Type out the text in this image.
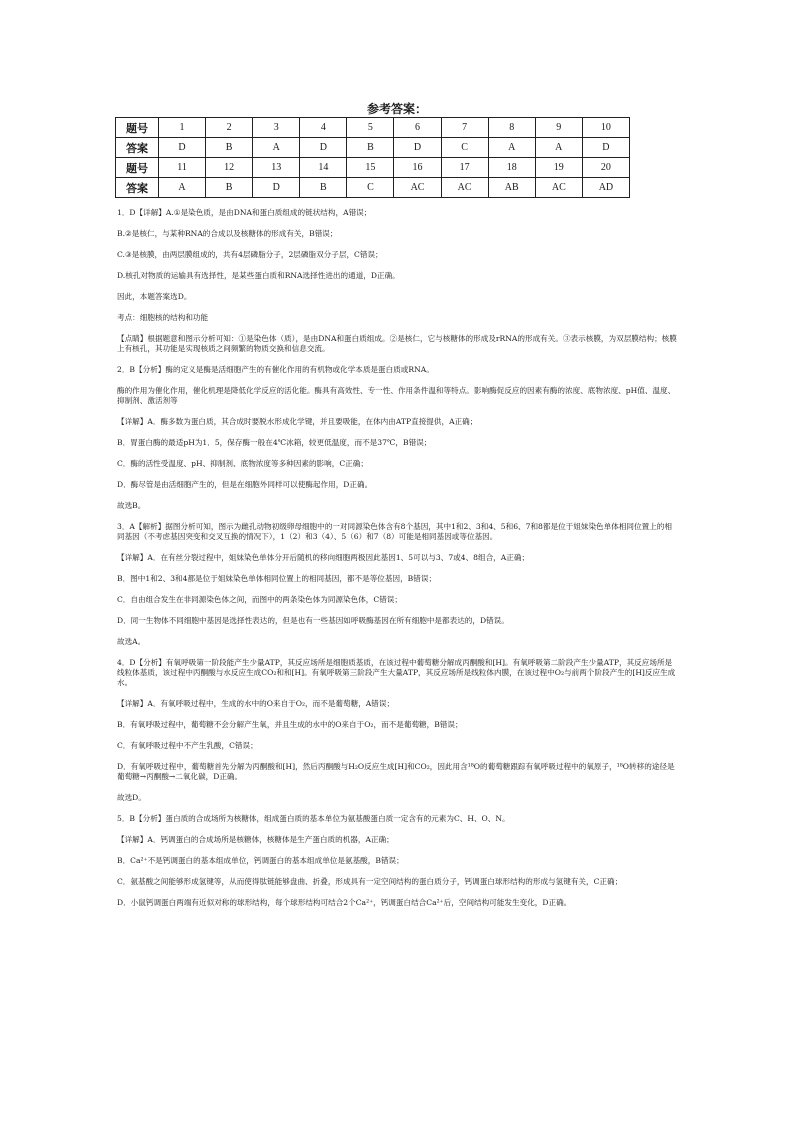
参考答案：
题号	1	2	3	4	5	6	7	8	9	10
答案	D	B	A	D	B	D	C	A	A	D
题号	11	12	13	14	15	16	17	18	19	20
答案	A	B	D	B	C	AC	AC	AB	AC	AD

1．D【详解】A.①是染色质，是由DNA和蛋白质组成的链状结构，A错误；

B.②是核仁，与某种RNA的合成以及核糖体的形成有关，B错误；

C.③是核膜，由两层膜组成的，共有4层磷脂分子，2层磷脂双分子层，C错误；

D.核孔对物质的运输具有选择性，是某些蛋白质和RNA选择性进出的通道，D正确。

因此，本题答案选D。

考点：细胞核的结构和功能

【点睛】根据题意和图示分析可知：①是染色体（质），是由DNA和蛋白质组成。②是核仁，它与核糖体的形成及rRNA的形成有关。③表示核膜，为双层膜结构；核膜上有核孔，其功能是实现核质之间频繁的物质交换和信息交流。

2．B【分析】酶的定义是酶是活细胞产生的有催化作用的有机物或化学本质是蛋白质或RNA。

酶的作用为催化作用，催化机理是降低化学反应的活化能。酶具有高效性、专一性、作用条件温和等特点。影响酶促反应的因素有酶的浓度、底物浓度、pH值、温度、抑制剂、激活剂等

【详解】A．酶多数为蛋白质，其合成时要脱水形成化学键，并且要吸能，在体内由ATP直接提供，A正确；

B．胃蛋白酶的最适pH为1．5，保存酶一般在4℃冰箱，较更低温度，而不是37℃，B错误；

C．酶的活性受温度、pH、抑制剂、底物浓度等多种因素的影响，C正确；

D．酶尽管是由活细胞产生的，但是在细胞外同样可以使酶起作用，D正确。

故选B。

3．A【解析】据图分析可知，图示为雌孔动物初级卵母细胞中的一对同源染色体含有8个基因，其中1和2、3和4、5和6、7和8都是位于姐妹染色单体相同位置上的相同基因（不考虑基因突变和交叉互换的情况下），1（2）和3（4）、5（6）和7（8）可能是相同基因或等位基因。

【详解】A．在有丝分裂过程中，姐妹染色单体分开后随机的移向细胞两极因此基因1、5可以与3、7或4、8组合，A正确；

B．图中1和2、3和4都是位于姐妹染色单体相同位置上的相同基因，都不是等位基因，B错误；

C．自由组合发生在非同源染色体之间，而图中的两条染色体为同源染色体，C错误；

D．同一生物体不同细胞中基因是选择性表达的，但是也有一些基因如呼吸酶基因在所有细胞中是都表达的，D错误。

故选A。

4．D【分析】有氧呼吸第一阶段能产生少量ATP，其反应场所是细胞质基质，在该过程中葡萄糖分解成丙酮酸和[H]。有氧呼吸第二阶段产生少量ATP，其反应场所是线粒体基质，该过程中丙酮酸与水反应生成CO₂和和[H]。有氧呼吸第三阶段产生大量ATP，其反应场所是线粒体内膜，在该过程中O₂与前两个阶段产生的[H]反应生成水。

【详解】A．有氧呼吸过程中，生成的水中的O来自于O₂，而不是葡萄糖，A错误；

B．有氧呼吸过程中，葡萄糖不会分解产生氧，并且生成的水中的O来自于O₂，而不是葡萄糖，B错误；

C．有氧呼吸过程中不产生乳酸，C错误；

D．有氧呼吸过程中，葡萄糖首先分解为丙酮酸和[H]，然后丙酮酸与H₂O反应生成[H]和CO₂，因此用含¹⁸O的葡萄糖跟踪有氧呼吸过程中的氧原子，¹⁸O转移的途径是葡萄糖→丙酮酸→二氧化碳，D正确。

故选D。

5．B【分析】蛋白质的合成场所为核糖体，组成蛋白质的基本单位为氨基酸蛋白质一定含有的元素为C、H、O、N。

【详解】A．钙调蛋白的合成场所是核糖体，核糖体是生产蛋白质的机器，A正确；

B．Ca²⁺不是钙调蛋白的基本组成单位，钙调蛋白的基本组成单位是氨基酸，B错误；

C．氨基酸之间能够形成氢键等，从而使得肽链能够盘曲、折叠，形成具有一定空间结构的蛋白质分子，钙调蛋白球形结构的形成与氢键有关，C正确；

D．小鼠钙调蛋白两端有近似对称的球形结构，每个球形结构可结合2个Ca²⁺，钙调蛋白结合Ca²⁺后，空间结构可能发生变化，D正确。
